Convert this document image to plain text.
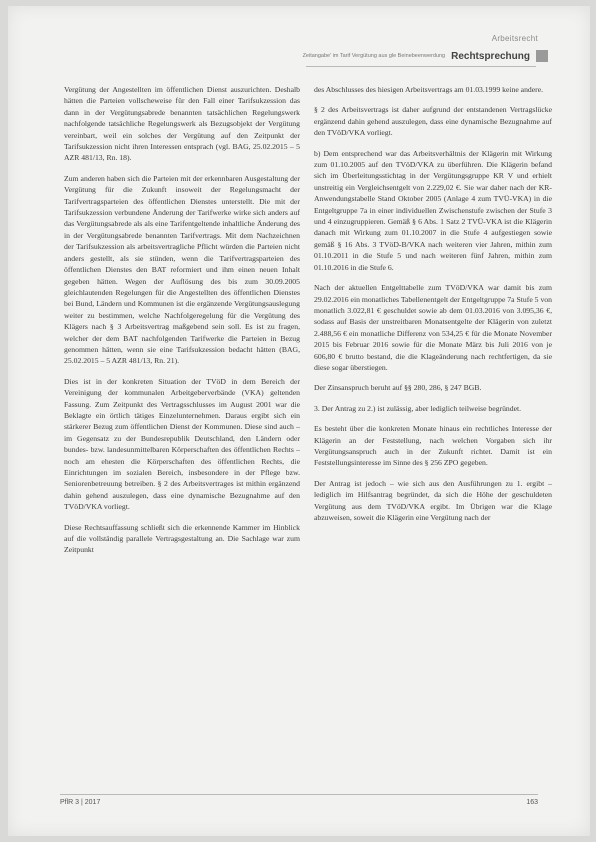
Arbeitsrecht
Zeitangabe' im Tarif Vergütung aus gle Beinebeenwerdung Rechtsprechung

Vergütung der Angestellten im öffentlichen Dienst auszurichten. Deshalb hätten die Parteien vollscheweise für den Fall einer Tarifsukzession das dann in der Vergütungsabrede benannten tatsächlichen Regelungswerk nachfolgende tatsächliche Regelungswerk als Bezugsobjekt der Vergütung vereinbart, weil ein solches der Vergütung auf den Zeitpunkt der Tarifsukzession nicht ihren Interessen entsprach (vgl. BAG, 25.02.2015 – 5 AZR 481/13, Rn. 18).

Zum anderen haben sich die Parteien mit der erkennbaren Ausgestaltung der Vergütung für die Zukunft insoweit der Regelungsmacht der Tarifvertragsparteien des öffentlichen Dienstes unterstellt. Die mit der Tarifsukzession verbundene Änderung der Tarifwerke wirke sich anders auf das Vergütungsabrede als als eine Tarifentgeltende inhaltliche Änderung des in der Vergütungsabrede benannten Tarifvertrags. Mit dem Nachzeichnen der Tarifsukzession als arbeitsvertragliche Pflicht würden die Parteien nicht anders gestellt, als sie stünden, wenn die Tarifvertragsparteien des öffentlichen Dienstes den BAT reformiert und ihm einen neuen Inhalt gegeben hätten. Wegen der Auflösung des bis zum 30.09.2005 gleichlautenden Regelungen für die Angestellten des öffentlichen Dienstes bei Bund, Ländern und Kommunen ist die ergänzende Vergütungsauslegung weiter zu bestimmen, welche Nachfolgeregelung für die Vergütung des Klägers nach § 3 Arbeitsvertrag maßgebend sein soll. Es ist zu fragen, welcher der dem BAT nachfolgenden Tarifwerke die Parteien in Bezug genommen hätten, wenn sie eine Tarifsukzession bedacht hätten (BAG, 25.02.2015 – 5 AZR 481/13, Rn. 21).

Dies ist in der konkreten Situation der TVöD in dem Bereich der Vereinigung der kommunalen Arbeitgeberverbände (VKA) geltenden Fassung. Zum Zeitpunkt des Vertragsschlusses im August 2001 war die Beklagte ein örtlich tätiges Einzelunternehmen. Daraus ergibt sich ein stärkerer Bezug zum öffentlichen Dienst der Kommunen. Diese sind auch – im Gegensatz zu der Bundesrepublik Deutschland, den Ländern oder bundes- bzw. landesunmittelbaren Körperschaften des öffentlichen Rechts – noch am ehesten die Körperschaften des öffentlichen Rechts, die Einrichtungen im sozialen Bereich, insbesondere in der Pflege bzw. Seniorenbetreuung betreiben. § 2 des Arbeitsvertrages ist mithin ergänzend dahin gehend auszulegen, dass eine dynamische Bezugnahme auf den TVöD/VKA vorliegt.

Diese Rechtsauffassung schließt sich die erkennende Kammer im Hinblick auf die vollständig parallele Vertragsgestaltung an. Die Sachlage war zum Zeitpunkt

des Abschlusses des hiesigen Arbeitsvertrags am 01.03.1999 keine andere.

§ 2 des Arbeitsvertrags ist daher aufgrund der entstandenen Vertragslücke ergänzend dahin gehend auszulegen, dass eine dynamische Bezugnahme auf den TVöD/VKA vorliegt.

b) Dem entsprechend war das Arbeitsverhältnis der Klägerin mit Wirkung zum 01.10.2005 auf den TVöD/VKA zu überführen. Die Klägerin befand sich im Überleitungsstichtag in der Vergütungsgruppe KR V und erhielt unstreitig ein Vergleichsentgelt von 2.229,02 €. Sie war daher nach der KR-Anwendungstabelle Stand Oktober 2005 (Anlage 4 zum TVÜ-VKA) in die Entgeltgruppe 7a in einer individuellen Zwischenstufe zwischen der Stufe 3 und 4 einzugruppieren. Gemäß § 6 Abs. 1 Satz 2 TVÜ-VKA ist die Klägerin danach mit Wirkung zum 01.10.2007 in die Stufe 4 aufgestiegen sowie gemäß § 16 Abs. 3 TVöD-B/VKA nach weiteren vier Jahren, mithin zum 01.10.2011 in die Stufe 5 und nach weiteren fünf Jahren, mithin zum 01.10.2016 in die Stufe 6.

Nach der aktuellen Entgelttabelle zum TVöD/VKA war damit bis zum 29.02.2016 ein monatliches Tabellenentgelt der Entgeltgruppe 7a Stufe 5 von monatlich 3.022,81 € geschuldet sowie ab dem 01.03.2016 von 3.095,36 €, sodass auf Basis der unstreitbaren Monatsentgelte der Klägerin von zuletzt 2.488,56 € ein monatliche Differenz von 534,25 € für die Monate November 2015 bis Februar 2016 sowie für die Monate März bis Juli 2016 von je 606,80 € brutto bestand, die die Klageänderung nach rechtfertigen, da sie diese sogar überstiegen.

Der Zinsanspruch beruht auf §§ 280, 286, § 247 BGB.

3. Der Antrag zu 2.) ist zulässig, aber lediglich teilweise begründet.

Es besteht über die konkreten Monate hinaus ein rechtliches Interesse der Klägerin an der Feststellung, nach welchen Vorgaben sich ihr Vergütungsanspruch auch in der Zukunft richtet. Damit ist ein Feststellungsinteresse im Sinne des § 256 ZPO gegeben.

Der Antrag ist jedoch – wie sich aus den Ausführungen zu 1. ergibt – lediglich im Hilfsantrag begründet, da sich die Höhe der geschuldeten Vergütung aus dem TVöD/VKA ergibt. Im Übrigen war die Klage abzuweisen, soweit die Klägerin eine Vergütung nach der

PflR 3 | 2017	163
